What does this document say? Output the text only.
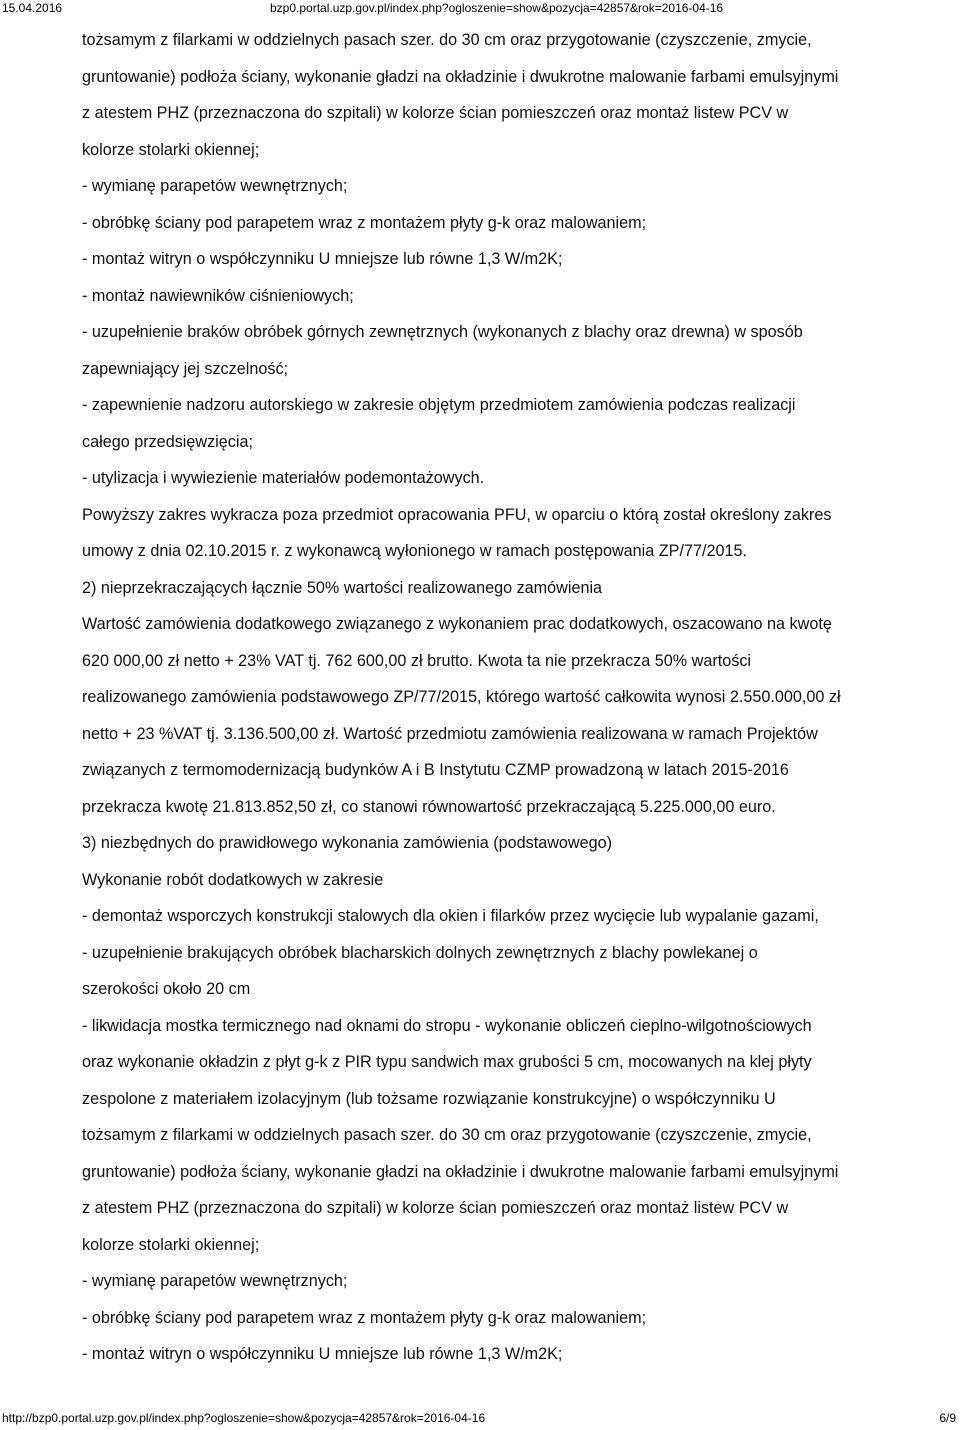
15.04.2016	bzp0.portal.uzp.gov.pl/index.php?ogloszenie=show&pozycja=42857&rok=2016-04-16
tożsamym z filarkami w oddzielnych pasach szer. do 30 cm oraz przygotowanie (czyszczenie, zmycie,
gruntowanie) podłoża ściany, wykonanie gładzi na okładzinie i dwukrotne malowanie farbami emulsyjnymi
z atestem PHZ (przeznaczona do szpitali) w kolorze ścian pomieszczeń oraz montaż listew PCV w
kolorze stolarki okiennej;
- wymianę parapetów wewnętrznych;
- obróbkę ściany pod parapetem wraz z montażem płyty g-k oraz malowaniem;
- montaż witryn o współczynniku U mniejsze lub równe 1,3 W/m2K;
- montaż nawiewników ciśnieniowych;
- uzupełnienie braków obróbek górnych zewnętrznych (wykonanych z blachy oraz drewna) w sposób
zapewniający jej szczelność;
- zapewnienie nadzoru autorskiego w zakresie objętym przedmiotem zamówienia podczas realizacji
całego przedsięwzięcia;
- utylizacja i wywiezienie materiałów podemontażowych.
Powyższy zakres wykracza poza przedmiot opracowania PFU, w oparciu o którą został określony zakres
umowy z dnia 02.10.2015 r. z wykonawcą wyłonionego w ramach postępowania ZP/77/2015.
2) nieprzekraczających łącznie 50% wartości realizowanego zamówienia
Wartość zamówienia dodatkowego związanego z wykonaniem prac dodatkowych, oszacowano na kwotę
620 000,00 zł netto + 23% VAT tj. 762 600,00 zł brutto. Kwota ta nie przekracza 50% wartości
realizowanego zamówienia podstawowego ZP/77/2015, którego wartość całkowita wynosi 2.550.000,00 zł
netto + 23 %VAT tj. 3.136.500,00 zł. Wartość przedmiotu zamówienia realizowana w ramach Projektów
związanych z termomodernizacją budynków A i B Instytutu CZMP prowadzoną w latach 2015-2016
przekracza kwotę 21.813.852,50 zł, co stanowi równowartość przekraczającą 5.225.000,00 euro.
3) niezbędnych do prawidłowego wykonania zamówienia (podstawowego)
Wykonanie robót dodatkowych w zakresie
- demontaż wsporczych konstrukcji stalowych dla okien i filarków przez wycięcie lub wypalanie gazami,
- uzupełnienie brakujących obróbek blacharskich dolnych zewnętrznych z blachy powlekanej o
szerokości około 20 cm
- likwidacja mostka termicznego nad oknami do stropu - wykonanie obliczeń cieplno-wilgotnościowych
oraz wykonanie okładzin z płyt g-k z PIR typu sandwich max grubości 5 cm, mocowanych na klej płyty
zespolone z materiałem izolacyjnym (lub tożsame rozwiązanie konstrukcyjne) o współczynniku U
tożsamym z filarkami w oddzielnych pasach szer. do 30 cm oraz przygotowanie (czyszczenie, zmycie,
gruntowanie) podłoża ściany, wykonanie gładzi na okładzinie i dwukrotne malowanie farbami emulsyjnymi
z atestem PHZ (przeznaczona do szpitali) w kolorze ścian pomieszczeń oraz montaż listew PCV w
kolorze stolarki okiennej;
- wymianę parapetów wewnętrznych;
- obróbkę ściany pod parapetem wraz z montażem płyty g-k oraz malowaniem;
- montaż witryn o współczynniku U mniejsze lub równe 1,3 W/m2K;
http://bzp0.portal.uzp.gov.pl/index.php?ogloszenie=show&pozycja=42857&rok=2016-04-16	6/9
